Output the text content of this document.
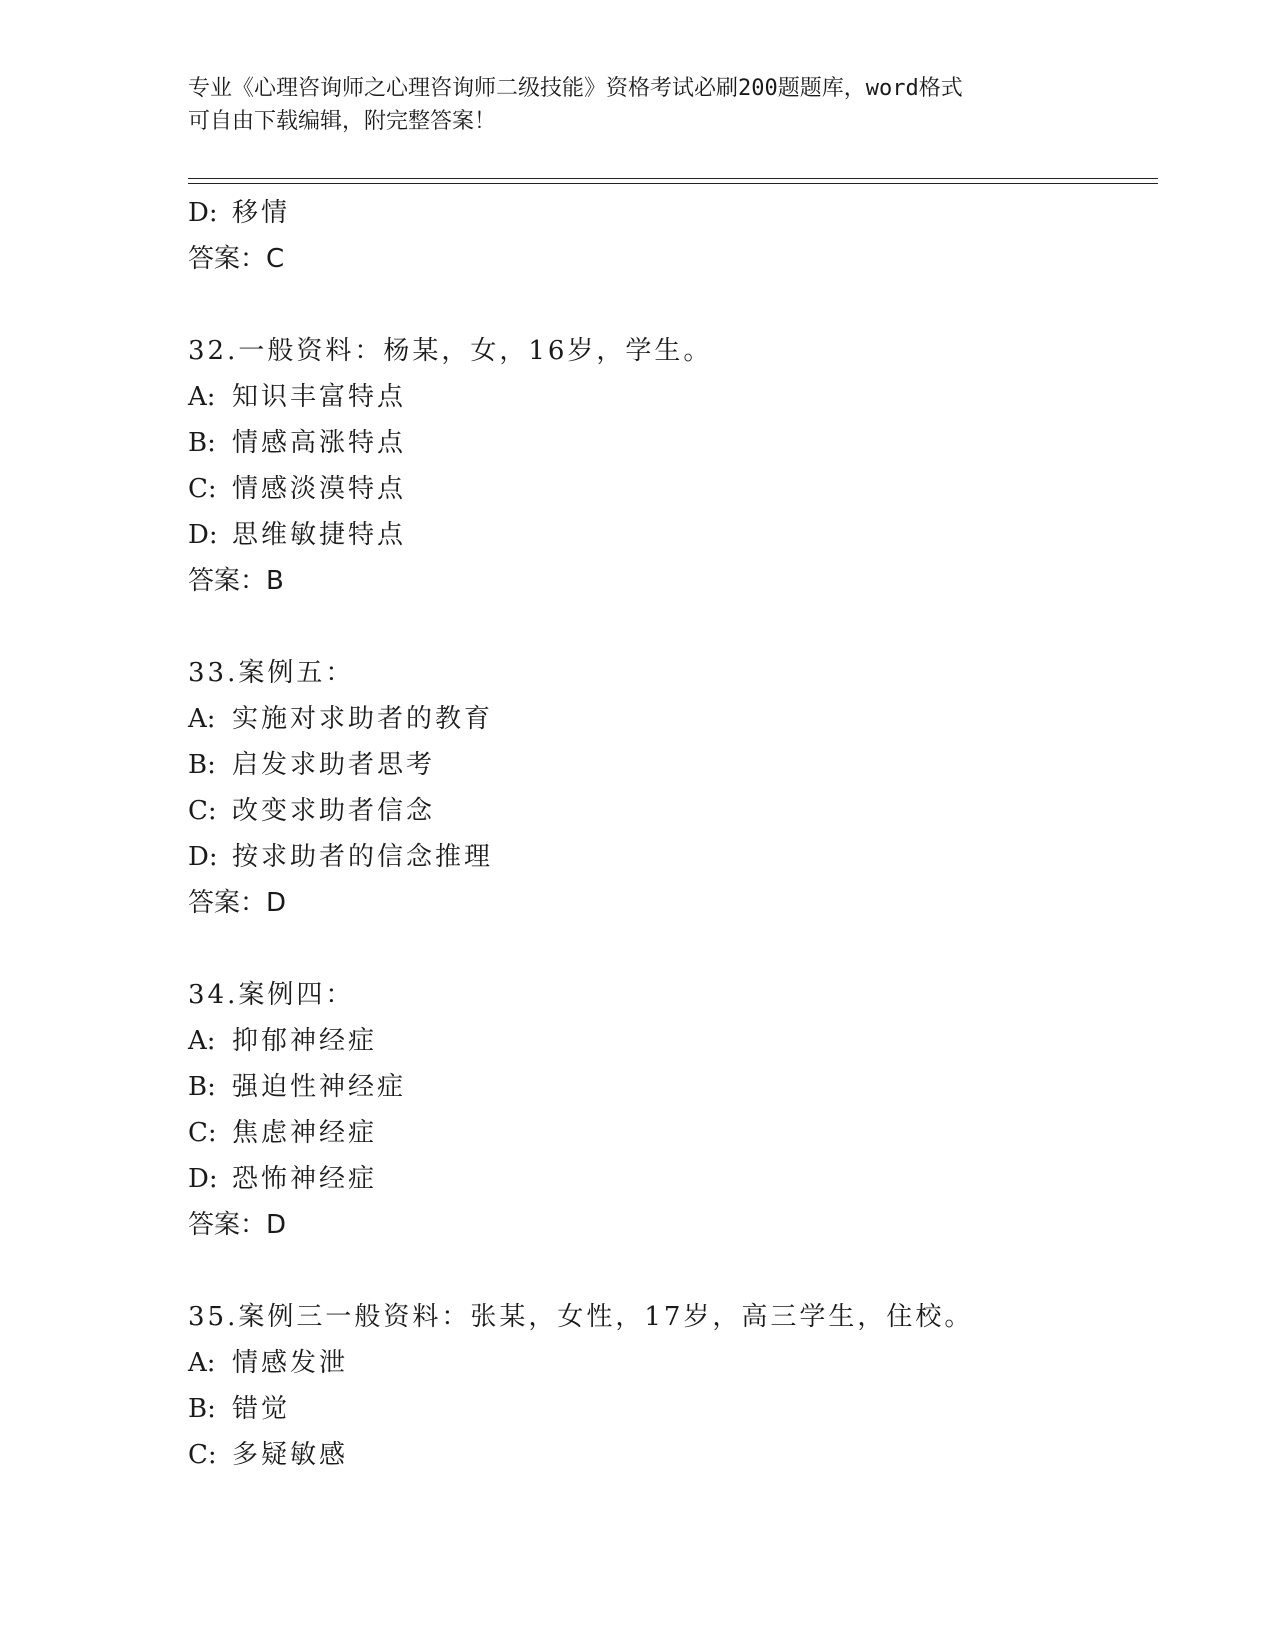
专业《心理咨询师之心理咨询师二级技能》资格考试必刷200题题库，word格式
可自由下载编辑，附完整答案！
D: 移情
答案：C
32.一般资料：杨某，女，16岁，学生。
A: 知识丰富特点
B: 情感高涨特点
C: 情感淡漠特点
D: 思维敏捷特点
答案：B
33.案例五：
A: 实施对求助者的教育
B: 启发求助者思考
C: 改变求助者信念
D: 按求助者的信念推理
答案：D
34.案例四：
A: 抑郁神经症
B: 强迫性神经症
C: 焦虑神经症
D: 恐怖神经症
答案：D
35.案例三一般资料：张某，女性，17岁，高三学生，住校。
A: 情感发泄
B: 错觉
C: 多疑敏感
